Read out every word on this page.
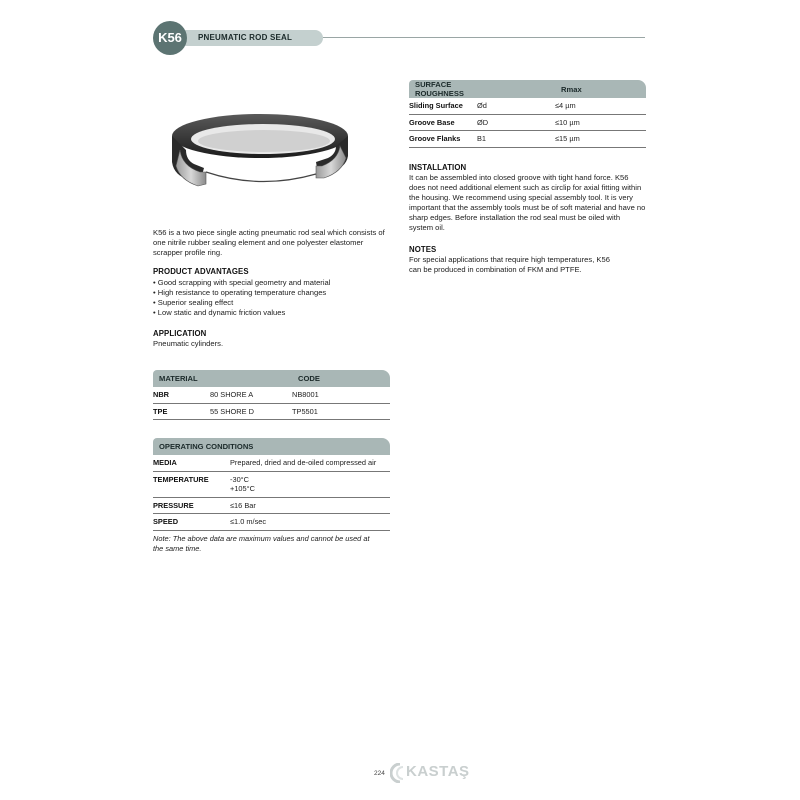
K56	PNEUMATIC ROD SEAL
K56 is a two piece single acting pneumatic rod seal which consists of one nitrile rubber sealing element and one polyester elastomer scrapper profile ring.
PRODUCT ADVANTAGES
• Good scrapping with special geometry and material
• High resistance to operating temperature changes
• Superior sealing effect
• Low static and dynamic friction values
APPLICATION
Pneumatic cylinders.
MATERIAL		CODE
NBR	80 SHORE A	NB8001
TPE	55 SHORE D	TP5501
OPERATING CONDITIONS	
MEDIA	Prepared, dried and de-oiled compressed air
TEMPERATURE	-30°C
+105°C

PRESSURE	≤16 Bar
SPEED	≤1.0 m/sec
Note: The above data are maximum values and cannot be used at the same time.
SURFACE ROUGHNESS		Rmax
Sliding Surface	Ød	≤4 µm
Groove Base	ØD	≤10 µm
Groove Flanks	B1	≤15 µm
INSTALLATION
It can be assembled into closed groove with tight hand force. K56 does not need additional element such as circlip for axial fitting within the housing. We recommend using special assembly tool. It is very important that the assembly tools must be of soft material and have no sharp edges. Before installation the rod seal must be oiled with system oil.
NOTES
For special applications that require high temperatures, K56 can be produced in combination of FKM and PTFE.
224 KASTAŞ
